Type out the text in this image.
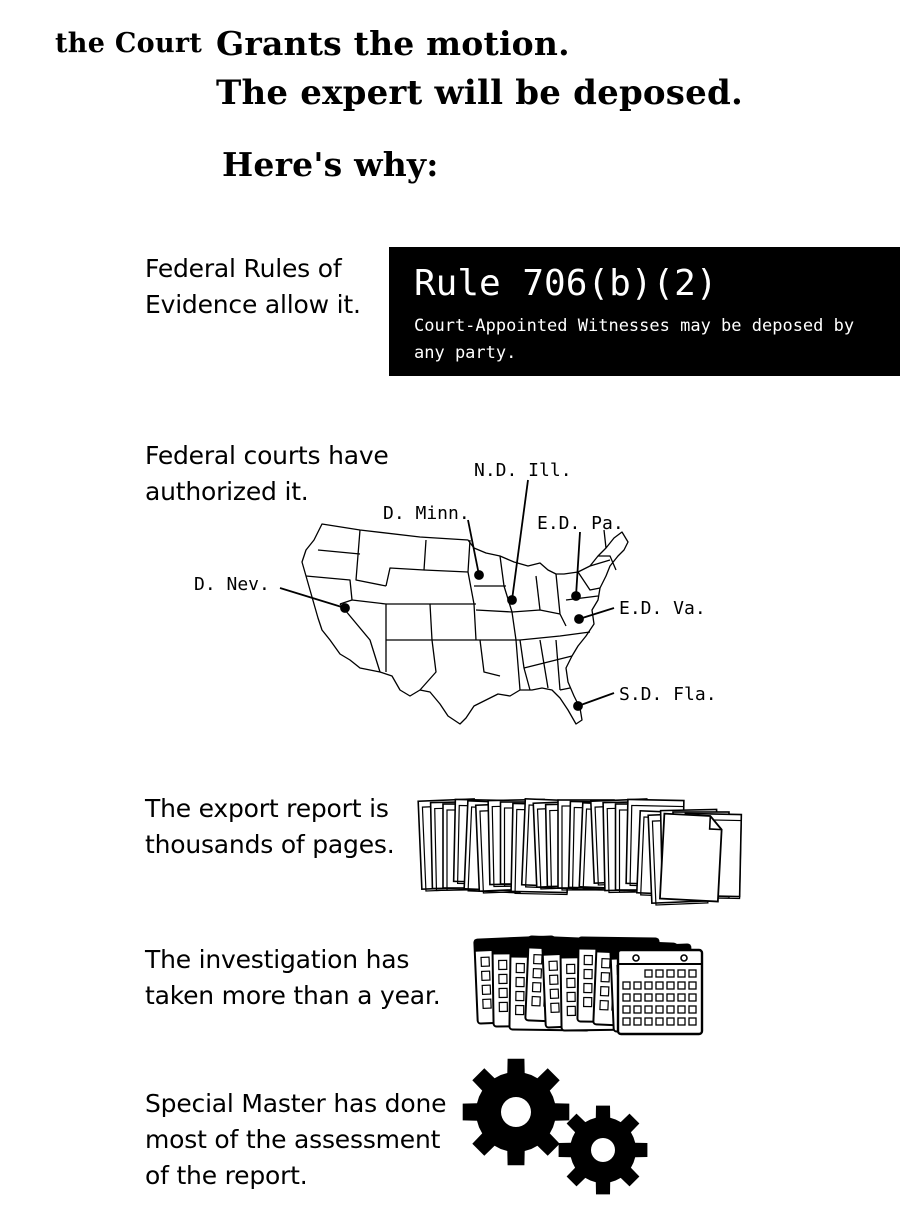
the Court Grants the motion.
The expert will be deposed.
Here's why:
Federal Rules of
Evidence allow it.
Rule 706(b)(2)
Court-Appointed Witnesses may be deposed by any party.
Federal courts have
authorized it.
N.D. Ill.
D. Minn.	E.D. Pa.
D. Nev.
E.D. Va.
S.D. Fla.
The export report is
thousands of pages.
The investigation has
taken more than a year.
Special Master has done
most of the assessment
of the report.
